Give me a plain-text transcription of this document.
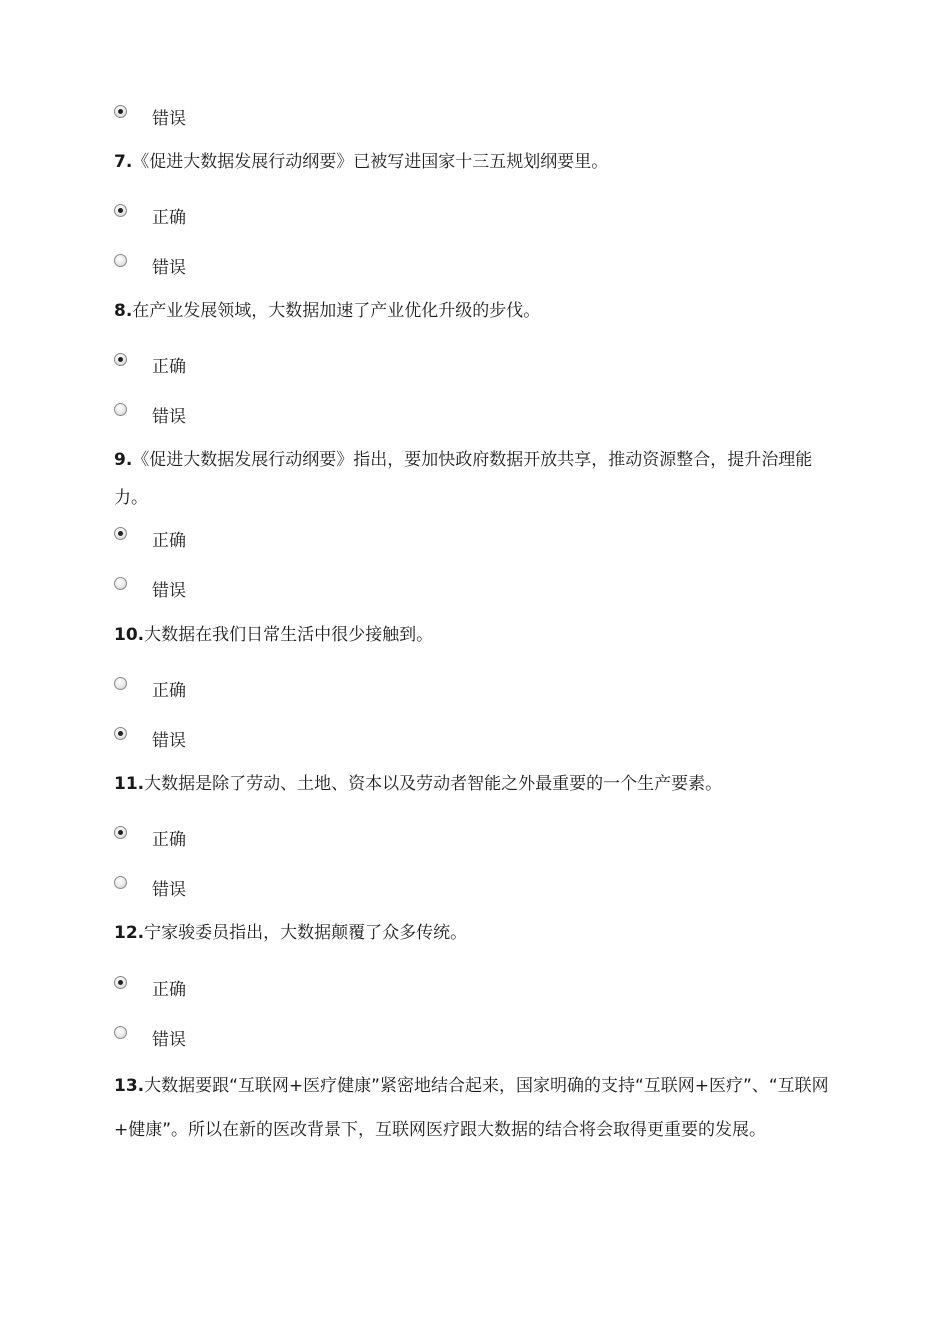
错误
7.《促进大数据发展行动纲要》已被写进国家十三五规划纲要里。
正确
错误
8.在产业发展领域，大数据加速了产业优化升级的步伐。
正确
错误
9.《促进大数据发展行动纲要》指出，要加快政府数据开放共享，推动资源整合，提升治理能力。
正确
错误
10.大数据在我们日常生活中很少接触到。
正确
错误
11.大数据是除了劳动、土地、资本以及劳动者智能之外最重要的一个生产要素。
正确
错误
12.宁家骏委员指出，大数据颠覆了众多传统。
正确
错误
13.大数据要跟“互联网+医疗健康”紧密地结合起来，国家明确的支持“互联网+医疗”、“互联网+健康”。所以在新的医改背景下，互联网医疗跟大数据的结合将会取得更重要的发展。
